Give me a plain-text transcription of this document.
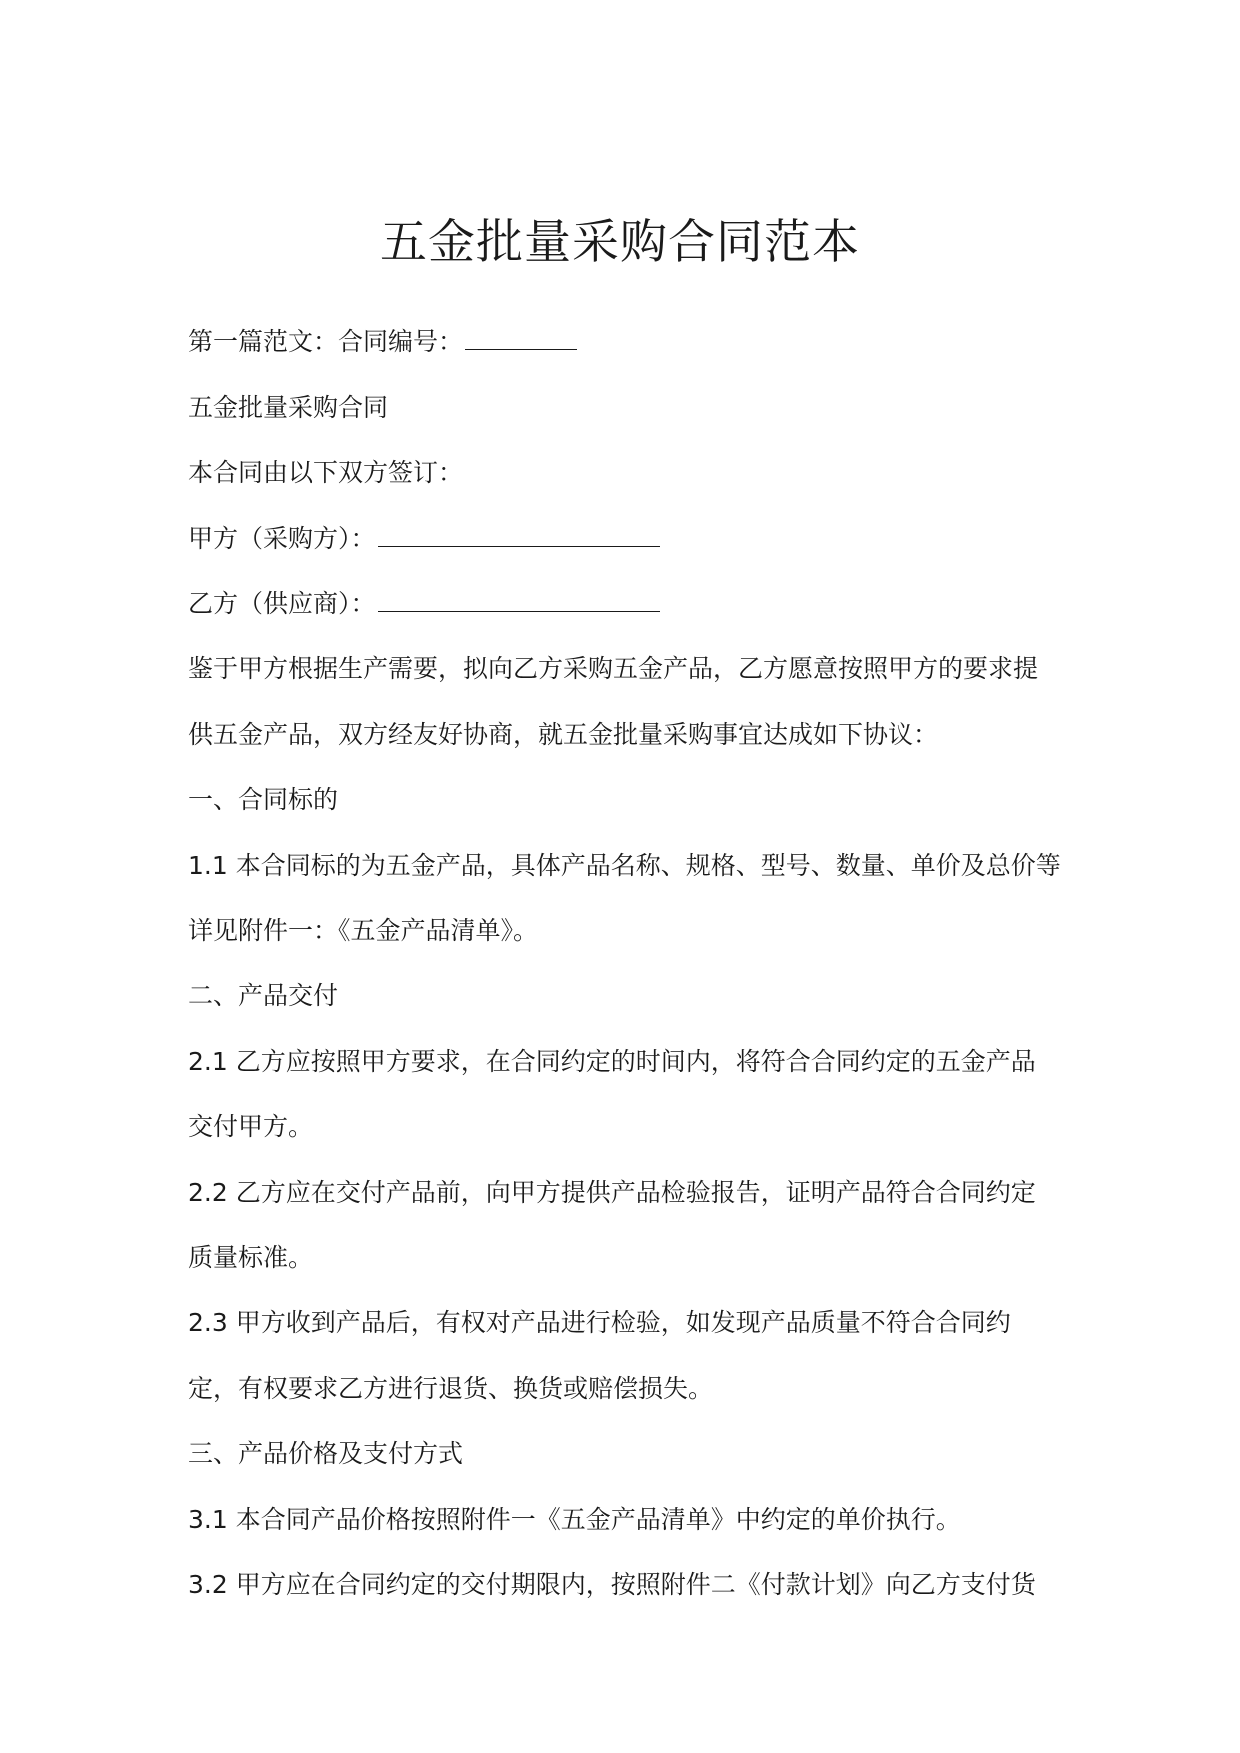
五金批量采购合同范本

第一篇范文：合同编号：

五金批量采购合同

本合同由以下双方签订：

甲方（采购方）：

乙方（供应商）：

鉴于甲方根据生产需要，拟向乙方采购五金产品，乙方愿意按照甲方的要求提

供五金产品，双方经友好协商，就五金批量采购事宜达成如下协议：

一、合同标的

1.1 本合同标的为五金产品，具体产品名称、规格、型号、数量、单价及总价等

详见附件一：《五金产品清单》。

二、产品交付

2.1 乙方应按照甲方要求，在合同约定的时间内，将符合合同约定的五金产品

交付甲方。

2.2 乙方应在交付产品前，向甲方提供产品检验报告，证明产品符合合同约定

质量标准。

2.3 甲方收到产品后，有权对产品进行检验，如发现产品质量不符合合同约

定，有权要求乙方进行退货、换货或赔偿损失。

三、产品价格及支付方式

3.1 本合同产品价格按照附件一《五金产品清单》中约定的单价执行。

3.2 甲方应在合同约定的交付期限内，按照附件二《付款计划》向乙方支付货
